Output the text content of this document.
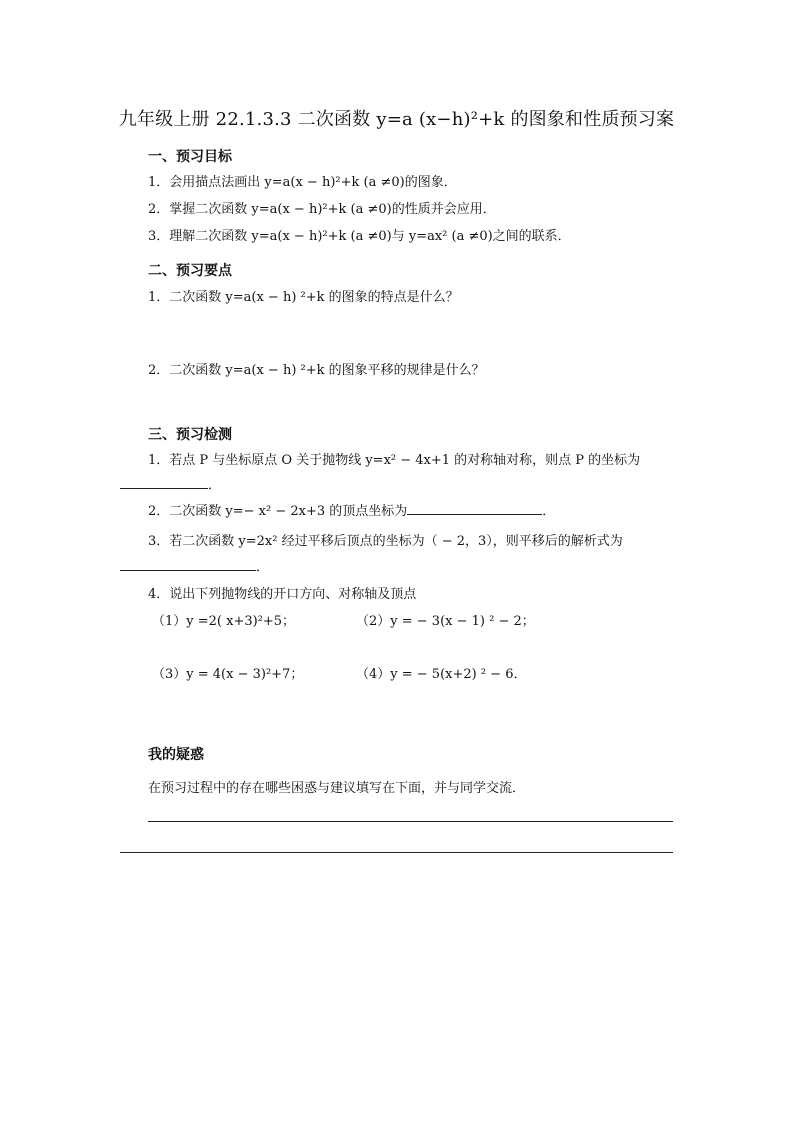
九年级上册 22.1.3.3 二次函数 y=a (x−h)²+k 的图象和性质预习案
一、预习目标
1．会用描点法画出 y=a(x − h)²+k (a ≠0)的图象．
2．掌握二次函数 y=a(x − h)²+k (a ≠0)的性质并会应用．
3．理解二次函数 y=a(x − h)²+k (a ≠0)与 y=ax² (a ≠0)之间的联系．
二、预习要点
1．二次函数 y=a(x − h) ²+k 的图象的特点是什么？
2．二次函数 y=a(x − h) ²+k 的图象平移的规律是什么？
三、预习检测
1．若点 P 与坐标原点 O 关于抛物线 y=x² − 4x+1 的对称轴对称，则点 P 的坐标为
．
2．二次函数 y=− x² − 2x+3 的顶点坐标为	．
3．若二次函数 y=2x² 经过平移后顶点的坐标为（ − 2，3），则平移后的解析式为
．
4．说出下列抛物线的开口方向、对称轴及顶点
（1）y =2( x+3)²+5；	（2）y = − 3(x − 1) ² − 2；
（3）y = 4(x − 3)²+7；	（4）y = − 5(x+2) ² − 6．
我的疑惑
在预习过程中的存在哪些困惑与建议填写在下面，并与同学交流．
